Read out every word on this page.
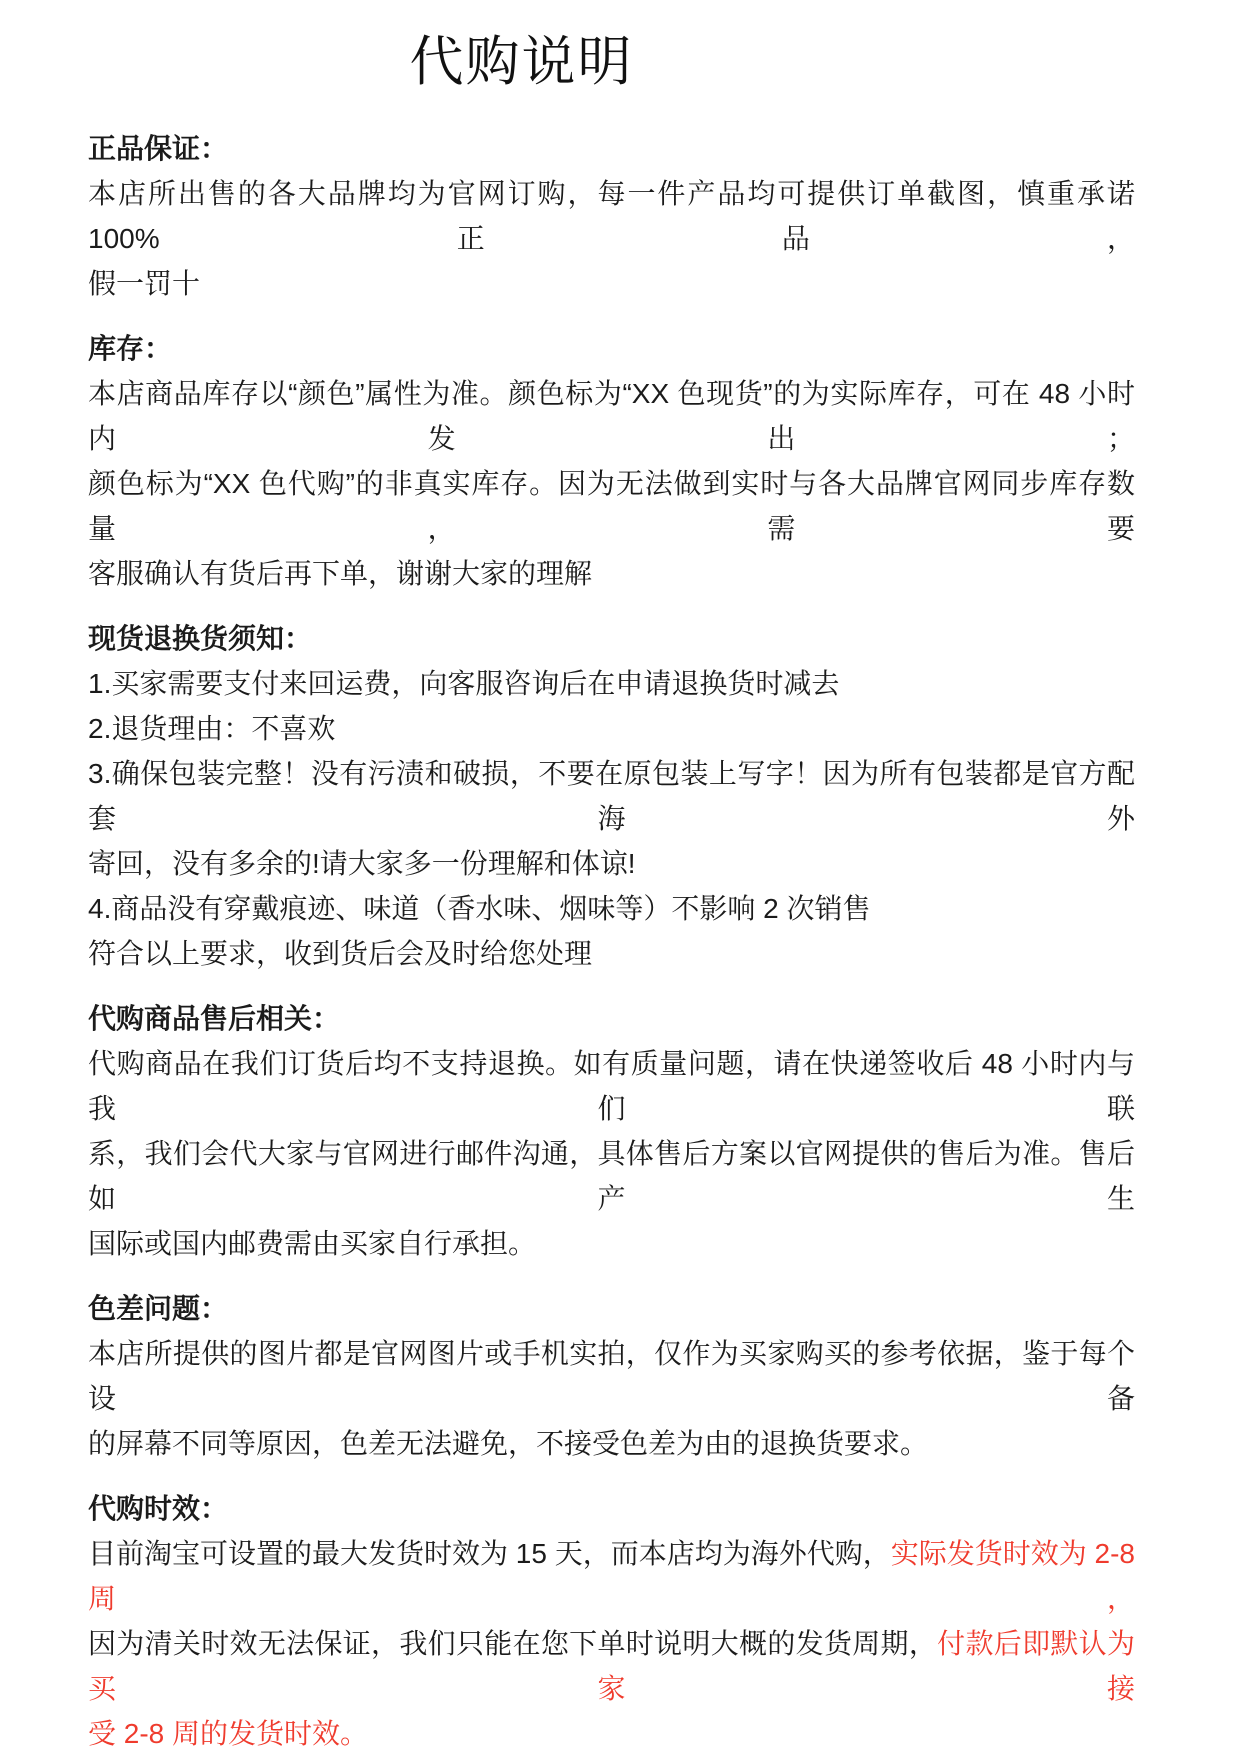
代购说明
正品保证：
本店所出售的各大品牌均为官网订购，每一件产品均可提供订单截图，慎重承诺 100%正品，
假一罚十
库存：
本店商品库存以“颜色”属性为准。颜色标为“XX 色现货”的为实际库存，可在 48 小时内发出；
颜色标为“XX 色代购”的非真实库存。因为无法做到实时与各大品牌官网同步库存数量，需要
客服确认有货后再下单，谢谢大家的理解
现货退换货须知：
1.买家需要支付来回运费，向客服咨询后在申请退换货时减去
2.退货理由：不喜欢
3.确保包装完整！没有污渍和破损，不要在原包装上写字！因为所有包装都是官方配套海外
寄回，没有多余的!请大家多一份理解和体谅!
4.商品没有穿戴痕迹、味道（香水味、烟味等）不影响 2 次销售
符合以上要求，收到货后会及时给您处理
代购商品售后相关：
代购商品在我们订货后均不支持退换。如有质量问题，请在快递签收后 48 小时内与我们联
系，我们会代大家与官网进行邮件沟通，具体售后方案以官网提供的售后为准。售后如产生
国际或国内邮费需由买家自行承担。
色差问题：
本店所提供的图片都是官网图片或手机实拍，仅作为买家购买的参考依据，鉴于每个设备
的屏幕不同等原因，色差无法避免，不接受色差为由的退换货要求。
代购时效：
目前淘宝可设置的最大发货时效为 15 天，而本店均为海外代购，实际发货时效为 2-8 周，
因为清关时效无法保证，我们只能在您下单时说明大概的发货周期，付款后即默认为买家接
受 2-8 周的发货时效。
